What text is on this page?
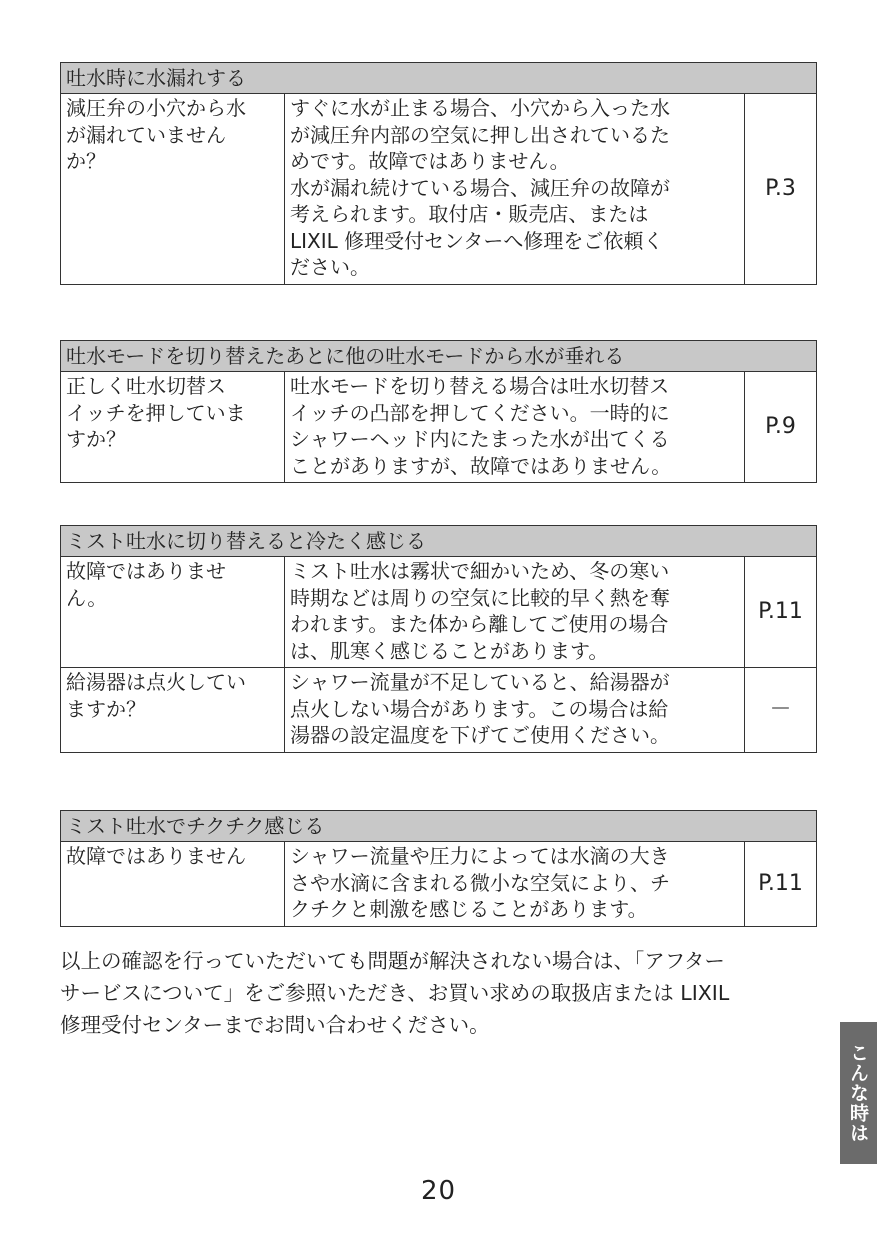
吐水時に水漏れする
減圧弁の小穴から水
が漏れていません
か？	すぐに水が止まる場合、小穴から入った水
が減圧弁内部の空気に押し出されているた
めです。故障ではありません。
水が漏れ続けている場合、減圧弁の故障が
考えられます。取付店・販売店、または
LIXIL 修理受付センターへ修理をご依頼く
ださい。	P.3
吐水モードを切り替えたあとに他の吐水モードから水が垂れる
正しく吐水切替ス
イッチを押していま
すか？	吐水モードを切り替える場合は吐水切替ス
イッチの凸部を押してください。一時的に
シャワーヘッド内にたまった水が出てくる
ことがありますが、故障ではありません。	P.9
ミスト吐水に切り替えると冷たく感じる		
故障ではありませ
ん。	ミスト吐水は霧状で細かいため、冬の寒い
時期などは周りの空気に比較的早く熱を奪
われます。また体から離してご使用の場合
は、肌寒く感じることがあります。	P.11
給湯器は点火してい
ますか？	シャワー流量が不足していると、給湯器が
点火しない場合があります。この場合は給
湯器の設定温度を下げてご使用ください。	－
ミスト吐水でチクチク感じる
故障ではありません	シャワー流量や圧力によっては水滴の大き
さや水滴に含まれる微小な空気により、チ
クチクと刺激を感じることがあります。	P.11
以上の確認を行っていただいても問題が解決されない場合は、「アフター
サービスについて」をご参照いただき、お買い求めの取扱店または LIXIL
修理受付センターまでお問い合わせください。
こんな時は
20
